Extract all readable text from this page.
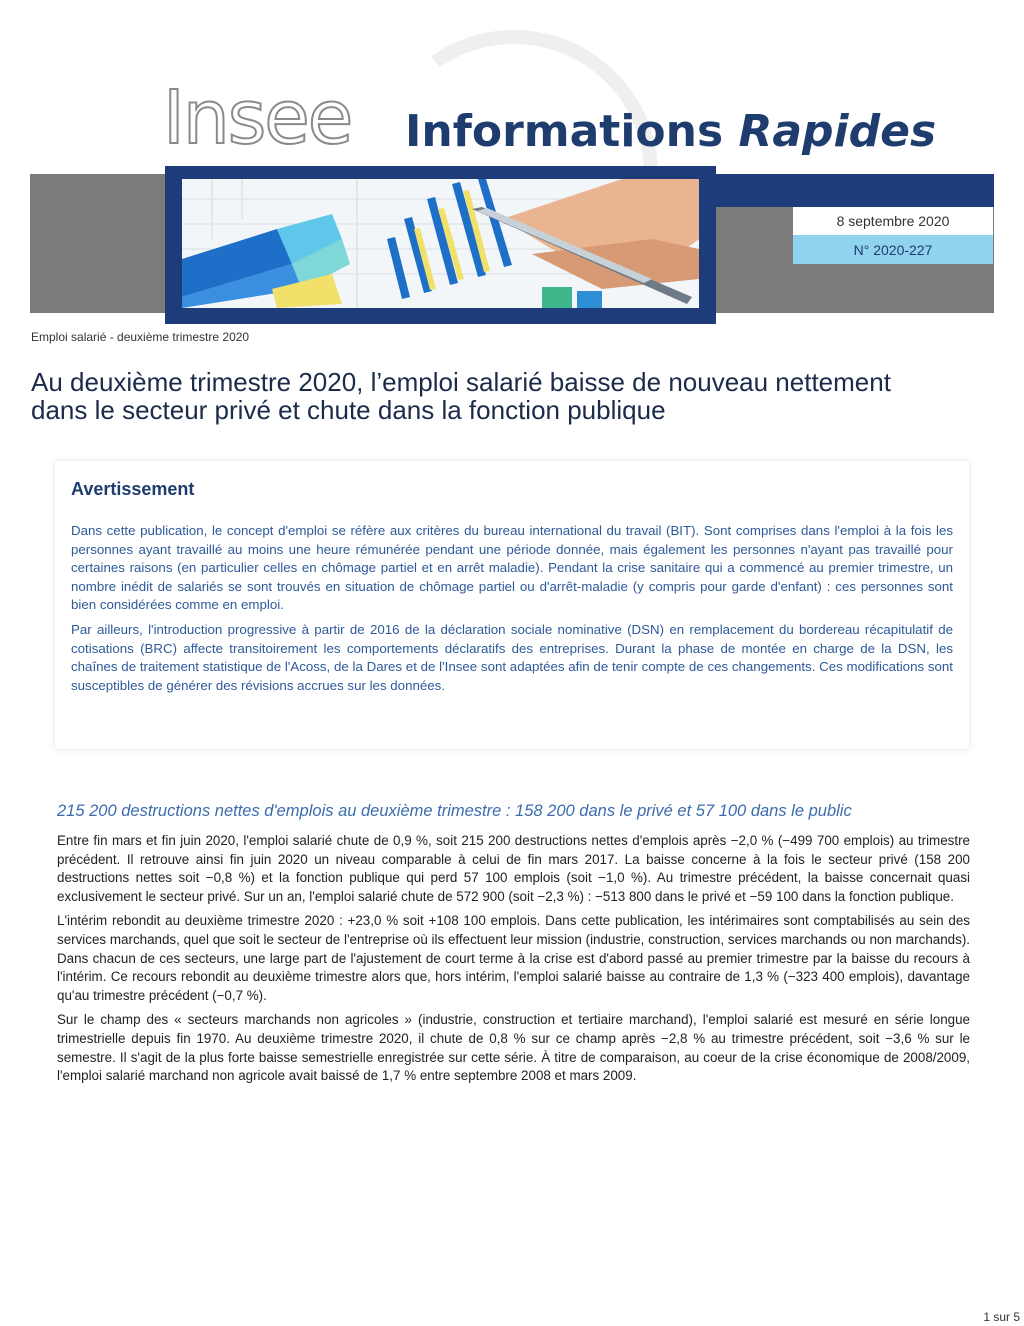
Insee Informations Rapides
8 septembre 2020
N° 2020-227
Emploi salarié - deuxième trimestre 2020
Au deuxième trimestre 2020, l’emploi salarié baisse de nouveau nettement dans le secteur privé et chute dans la fonction publique
Avertissement

Dans cette publication, le concept d'emploi se réfère aux critères du bureau international du travail (BIT). Sont comprises dans l'emploi à la fois les personnes ayant travaillé au moins une heure rémunérée pendant une période donnée, mais également les personnes n'ayant pas travaillé pour certaines raisons (en particulier celles en chômage partiel et en arrêt maladie). Pendant la crise sanitaire qui a commencé au premier trimestre, un nombre inédit de salariés se sont trouvés en situation de chômage partiel ou d'arrêt-maladie (y compris pour garde d'enfant) : ces personnes sont bien considérées comme en emploi.

Par ailleurs, l'introduction progressive à partir de 2016 de la déclaration sociale nominative (DSN) en remplacement du bordereau récapitulatif de cotisations (BRC) affecte transitoirement les comportements déclaratifs des entreprises. Durant la phase de montée en charge de la DSN, les chaînes de traitement statistique de l'Acoss, de la Dares et de l'Insee sont adaptées afin de tenir compte de ces changements. Ces modifications sont susceptibles de générer des révisions accrues sur les données.

215 200 destructions nettes d'emplois au deuxième trimestre : 158 200 dans le privé et 57 100 dans le public

Entre fin mars et fin juin 2020, l'emploi salarié chute de 0,9 %, soit 215 200 destructions nettes d'emplois après −2,0 % (−499 700 emplois) au trimestre précédent. Il retrouve ainsi fin juin 2020 un niveau comparable à celui de fin mars 2017. La baisse concerne à la fois le secteur privé (158 200 destructions nettes soit −0,8 %) et la fonction publique qui perd 57 100 emplois (soit −1,0 %). Au trimestre précédent, la baisse concernait quasi exclusivement le secteur privé. Sur un an, l'emploi salarié chute de 572 900 (soit −2,3 %) : −513 800 dans le privé et −59 100 dans la fonction publique.

L'intérim rebondit au deuxième trimestre 2020 : +23,0 % soit +108 100 emplois. Dans cette publication, les intérimaires sont comptabilisés au sein des services marchands, quel que soit le secteur de l'entreprise où ils effectuent leur mission (industrie, construction, services marchands ou non marchands). Dans chacun de ces secteurs, une large part de l'ajustement de court terme à la crise est d'abord passé au premier trimestre par la baisse du recours à l'intérim. Ce recours rebondit au deuxième trimestre alors que, hors intérim, l'emploi salarié baisse au contraire de 1,3 % (−323 400 emplois), davantage qu'au trimestre précédent (−0,7 %).

Sur le champ des « secteurs marchands non agricoles » (industrie, construction et tertiaire marchand), l'emploi salarié est mesuré en série longue trimestrielle depuis fin 1970. Au deuxième trimestre 2020, il chute de 0,8 % sur ce champ après −2,8 % au trimestre précédent, soit −3,6 % sur le semestre. Il s'agit de la plus forte baisse semestrielle enregistrée sur cette série. À titre de comparaison, au coeur de la crise économique de 2008/2009, l'emploi salarié marchand non agricole avait baissé de 1,7 % entre septembre 2008 et mars 2009.

1 sur 5
